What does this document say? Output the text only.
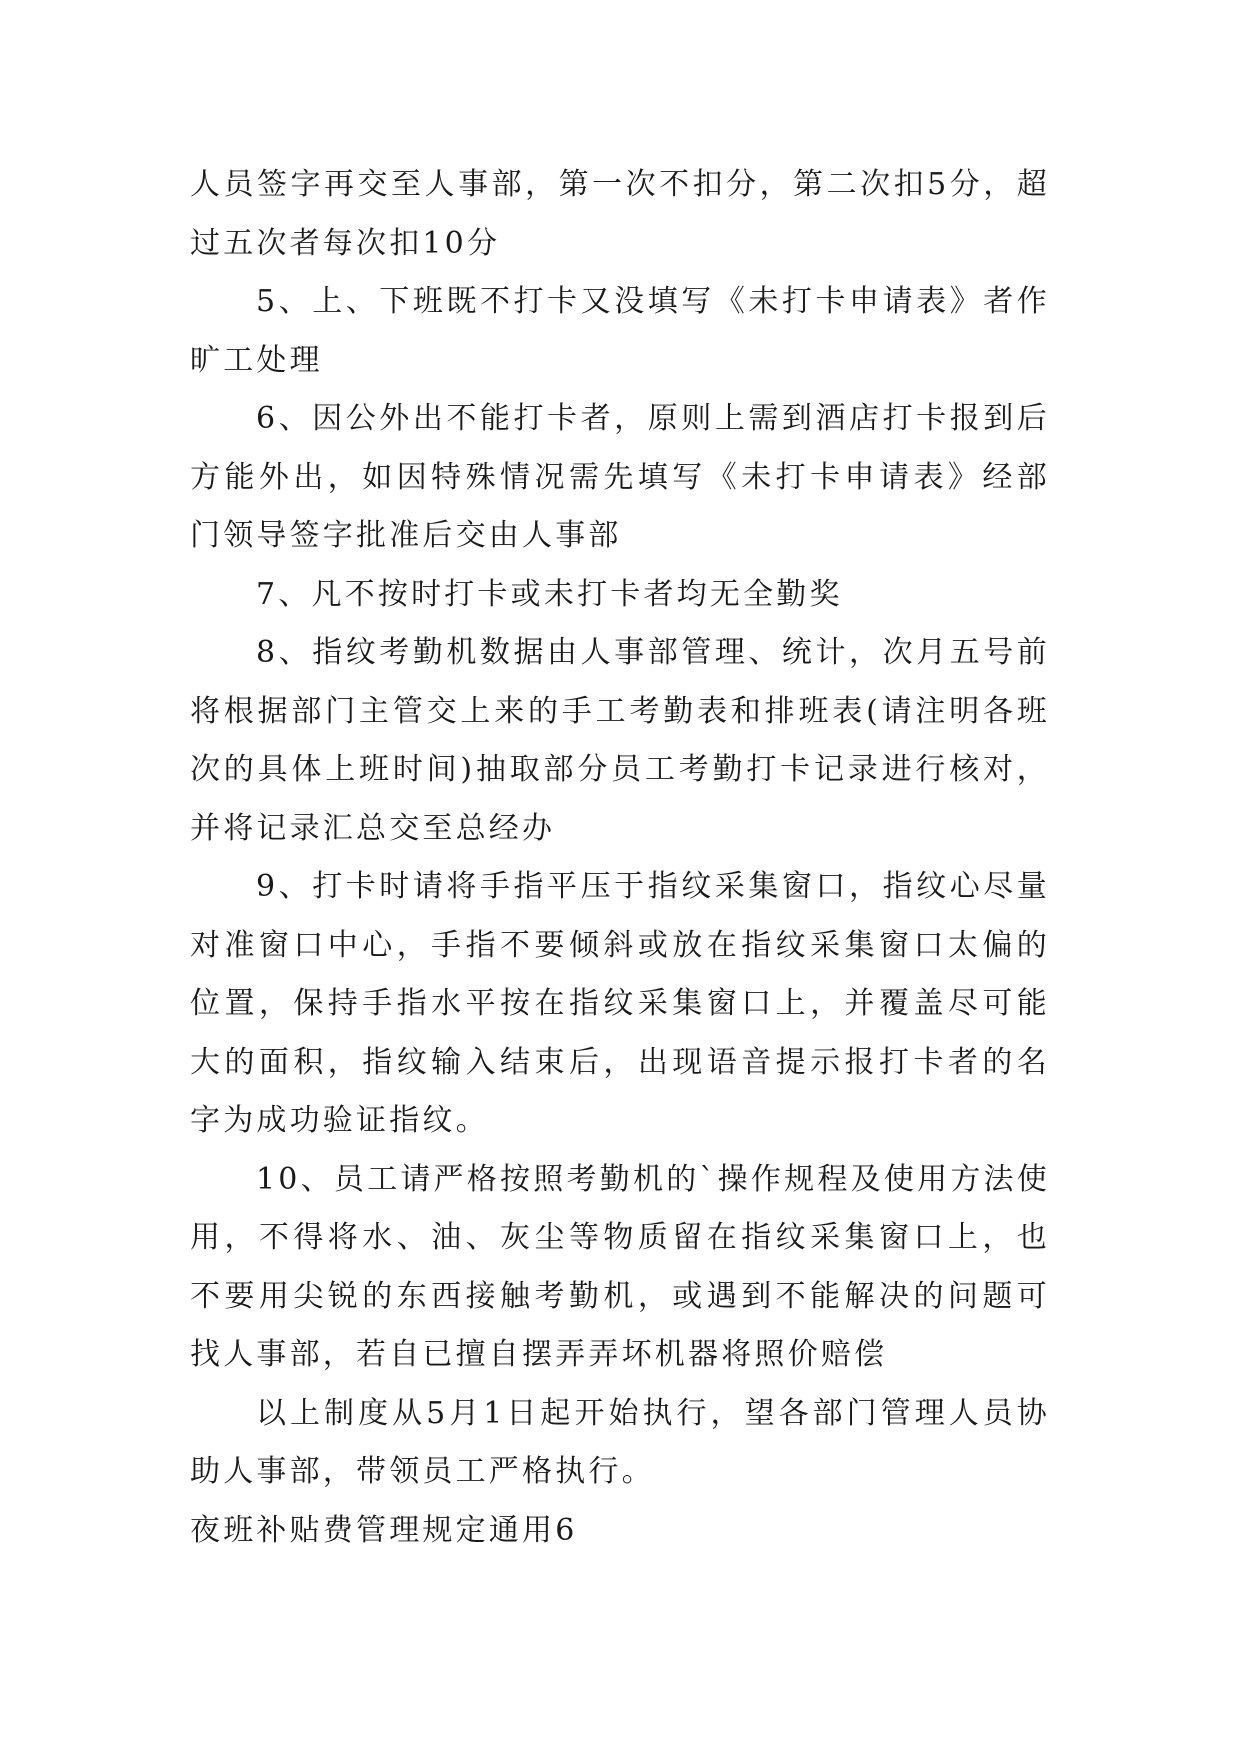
人员签字再交至人事部，第一次不扣分，第二次扣5分，超过五次者每次扣10分

5、上、下班既不打卡又没填写《未打卡申请表》者作旷工处理

6、因公外出不能打卡者，原则上需到酒店打卡报到后方能外出，如因特殊情况需先填写《未打卡申请表》经部门领导签字批准后交由人事部

7、凡不按时打卡或未打卡者均无全勤奖

8、指纹考勤机数据由人事部管理、统计，次月五号前将根据部门主管交上来的手工考勤表和排班表(请注明各班次的具体上班时间)抽取部分员工考勤打卡记录进行核对，并将记录汇总交至总经办

9、打卡时请将手指平压于指纹采集窗口，指纹心尽量对准窗口中心，手指不要倾斜或放在指纹采集窗口太偏的位置，保持手指水平按在指纹采集窗口上，并覆盖尽可能大的面积，指纹输入结束后，出现语音提示报打卡者的名字为成功验证指纹。

10、员工请严格按照考勤机的`操作规程及使用方法使用，不得将水、油、灰尘等物质留在指纹采集窗口上，也不要用尖锐的东西接触考勤机，或遇到不能解决的问题可找人事部，若自已擅自摆弄弄坏机器将照价赔偿

以上制度从5月1日起开始执行，望各部门管理人员协助人事部，带领员工严格执行。

夜班补贴费管理规定通用6
